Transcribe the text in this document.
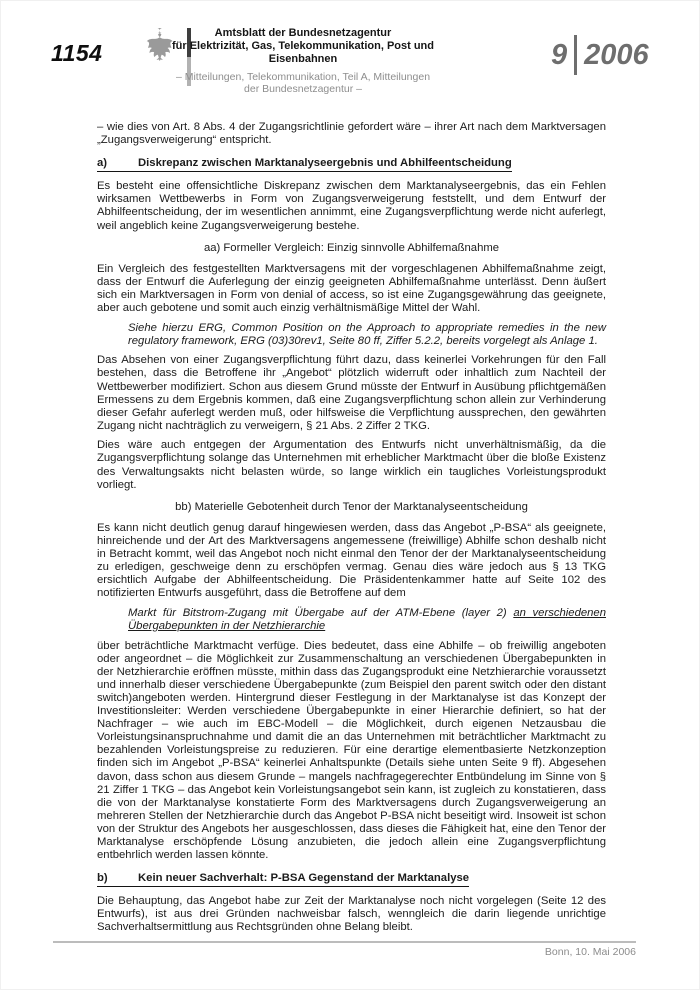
1154
Amtsblatt der Bundesnetzagentur
für Elektrizität, Gas, Telekommunikation, Post und Eisenbahnen
– Mitteilungen, Telekommunikation, Teil A, Mitteilungen der Bundesnetzagentur –
9 2006

– wie dies von Art. 8 Abs. 4 der Zugangsrichtlinie gefordert wäre – ihrer Art nach dem Marktversagen „Zugangsverweigerung“ entspricht.

a)	Diskrepanz zwischen Marktanalyseergebnis und Abhilfeentscheidung

Es besteht eine offensichtliche Diskrepanz zwischen dem Marktanalyseergebnis, das ein Fehlen wirksamen Wettbewerbs in Form von Zugangsverweigerung feststellt, und dem Entwurf der Abhilfeentscheidung, der im wesentlichen annimmt, eine Zugangsverpflichtung werde nicht auferlegt, weil angeblich keine Zugangsverweigerung bestehe.

aa) Formeller Vergleich: Einzig sinnvolle Abhilfemaßnahme

Ein Vergleich des festgestellten Marktversagens mit der vorgeschlagenen Abhilfemaßnahme zeigt, dass der Entwurf die Auferlegung der einzig geeigneten Abhilfemaßnahme unterlässt. Denn äußert sich ein Marktversagen in Form von denial of access, so ist eine Zugangsgewährung das geeignete, aber auch gebotene und somit auch einzig verhältnismäßige Mittel der Wahl.

Siehe hierzu ERG, Common Position on the Approach to appropriate remedies in the new regulatory framework, ERG (03)30rev1, Seite 80 ff, Ziffer 5.2.2, bereits vorgelegt als Anlage 1.

Das Absehen von einer Zugangsverpflichtung führt dazu, dass keinerlei Vorkehrungen für den Fall bestehen, dass die Betroffene ihr „Angebot“ plötzlich widerruft oder inhaltlich zum Nachteil der Wettbewerber modifiziert. Schon aus diesem Grund müsste der Entwurf in Ausübung pflichtgemäßen Ermessens zu dem Ergebnis kommen, daß eine Zugangsverpflichtung schon allein zur Verhinderung dieser Gefahr auferlegt werden muß, oder hilfsweise die Verpflichtung aussprechen, den gewährten Zugang nicht nachträglich zu verweigern, § 21 Abs. 2 Ziffer 2 TKG.

Dies wäre auch entgegen der Argumentation des Entwurfs nicht unverhältnismäßig, da die Zugangsverpflichtung solange das Unternehmen mit erheblicher Marktmacht über die bloße Existenz des Verwaltungsakts nicht belasten würde, so lange wirklich ein taugliches Vorleistungsprodukt vorliegt.

bb) Materielle Gebotenheit durch Tenor der Marktanalyseentscheidung

Es kann nicht deutlich genug darauf hingewiesen werden, dass das Angebot „P-BSA“ als geeignete, hinreichende und der Art des Marktversagens angemessene (freiwillige) Abhilfe schon deshalb nicht in Betracht kommt, weil das Angebot noch nicht einmal den Tenor der der Marktanalyseentscheidung zu erledigen, geschweige denn zu erschöpfen vermag. Genau dies wäre jedoch aus § 13 TKG ersichtlich Aufgabe der Abhilfeentscheidung. Die Präsidentenkammer hatte auf Seite 102 des notifizierten Entwurfs ausgeführt, dass die Betroffene auf dem

Markt für Bitstrom-Zugang mit Übergabe auf der ATM-Ebene (layer 2) an verschiedenen Übergabepunkten in der Netzhierarchie

über beträchtliche Marktmacht verfüge. Dies bedeutet, dass eine Abhilfe – ob freiwillig angeboten oder angeordnet – die Möglichkeit zur Zusammenschaltung an verschiedenen Übergabepunkten in der Netzhierarchie eröffnen müsste, mithin dass das Zugangsprodukt eine Netzhierarchie voraussetzt und innerhalb dieser verschiedene Übergabepunkte (zum Beispiel den parent switch oder den distant switch)angeboten werden. Hintergrund dieser Festlegung in der Marktanalyse ist das Konzept der Investitionsleiter: Werden verschiedene Übergabepunkte in einer Hierarchie definiert, so hat der Nachfrager – wie auch im EBC-Modell – die Möglichkeit, durch eigenen Netzausbau die Vorleistungsinanspruchnahme und damit die an das Unternehmen mit beträchtlicher Marktmacht zu bezahlenden Vorleistungspreise zu reduzieren. Für eine derartige elementbasierte Netzkonzeption finden sich im Angebot „P-BSA“ keinerlei Anhaltspunkte (Details siehe unten Seite 9 ff). Abgesehen davon, dass schon aus diesem Grunde – mangels nachfragegerechter Entbündelung im Sinne von § 21 Ziffer 1 TKG – das Angebot kein Vorleistungsangebot sein kann, ist zugleich zu konstatieren, dass die von der Marktanalyse konstatierte Form des Marktversagens durch Zugangsverweigerung an mehreren Stellen der Netzhierarchie durch das Angebot P-BSA nicht beseitigt wird. Insoweit ist schon von der Struktur des Angebots her ausgeschlossen, dass dieses die Fähigkeit hat, eine den Tenor der Marktanalyse erschöpfende Lösung anzubieten, die jedoch allein eine Zugangsverpflichtung entbehrlich werden lassen könnte.

b)	Kein neuer Sachverhalt: P-BSA Gegenstand der Marktanalyse

Die Behauptung, das Angebot habe zur Zeit der Marktanalyse noch nicht vorgelegen (Seite 12 des Entwurfs), ist aus drei Gründen nachweisbar falsch, wenngleich die darin liegende unrichtige Sachverhaltsermittlung aus Rechtsgründen ohne Belang bleibt.

Bonn, 10. Mai 2006
